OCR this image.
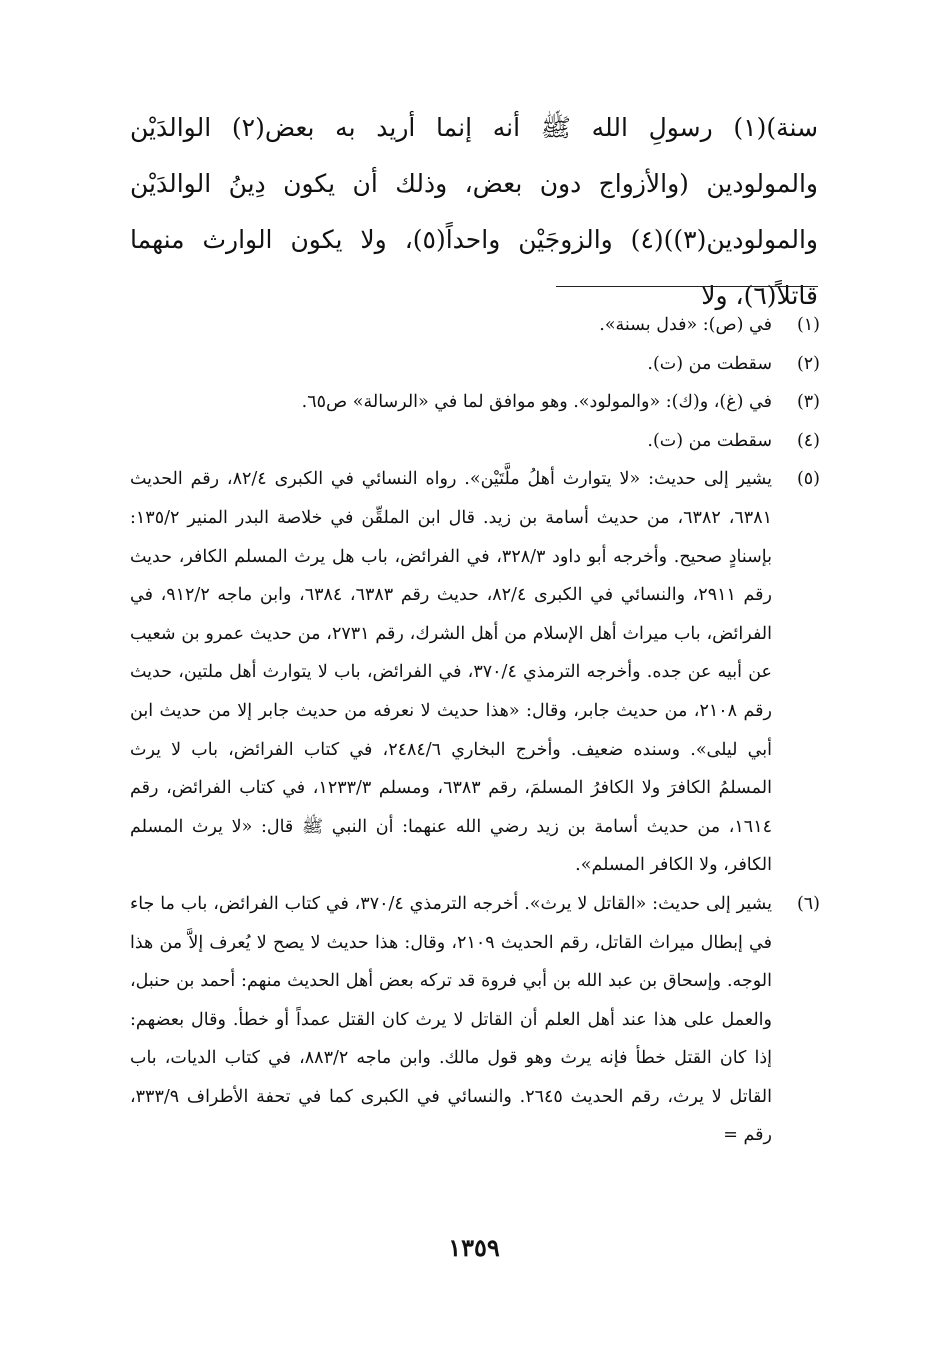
سنة)(١) رسولِ الله ﷺ أنه إنما أريد به بعض(٢) الوالدَيْن والمولودين (والأزواج دون بعض، وذلك أن يكون دِينُ الوالدَيْن والمولودين(٣))(٤) والزوجَيْن واحداً(٥)، ولا يكون الوارث منهما قاتلاً(٦)، ولا

(١)
في (ص): «فدل بسنة».
(٢)
سقطت من (ت).
(٣)
في (غ)، و(ك): «والمولود». وهو موافق لما في «الرسالة» ص٦٥.
(٤)
سقطت من (ت).
(٥)
يشير إلى حديث: «لا يتوارث أهلُ ملَّتَيْن». رواه النسائي في الكبرى ٨٢/٤، رقم الحديث ٦٣٨١، ٦٣٨٢، من حديث أسامة بن زيد. قال ابن الملقِّن في خلاصة البدر المنير ١٣٥/٢: بإسنادٍ صحيح. وأخرجه أبو داود ٣٢٨/٣، في الفرائض، باب هل يرث المسلم الكافر، حديث رقم ٢٩١١، والنسائي في الكبرى ٨٢/٤، حديث رقم ٦٣٨٣، ٦٣٨٤، وابن ماجه ٩١٢/٢، في الفرائض، باب ميراث أهل الإسلام من أهل الشرك، رقم ٢٧٣١، من حديث عمرو بن شعيب عن أبيه عن جده. وأخرجه الترمذي ٣٧٠/٤، في الفرائض، باب لا يتوارث أهل ملتين، حديث رقم ٢١٠٨، من حديث جابر، وقال: «هذا حديث لا نعرفه من حديث جابر إلا من حديث ابن أبي ليلى». وسنده ضعيف. وأخرج البخاري ٢٤٨٤/٦، في كتاب الفرائض، باب لا يرث المسلمُ الكافرَ ولا الكافرُ المسلمَ، رقم ٦٣٨٣، ومسلم ١٢٣٣/٣، في كتاب الفرائض، رقم ١٦١٤، من حديث أسامة بن زيد رضي الله عنهما: أن النبي ﷺ قال: «لا يرث المسلم الكافر، ولا الكافر المسلم».
(٦)
يشير إلى حديث: «القاتل لا يرث». أخرجه الترمذي ٣٧٠/٤، في كتاب الفرائض، باب ما جاء في إبطال ميراث القاتل، رقم الحديث ٢١٠٩، وقال: هذا حديث لا يصح لا يُعرف إلاَّ من هذا الوجه. وإسحاق بن عبد الله بن أبي فروة قد تركه بعض أهل الحديث منهم: أحمد بن حنبل، والعمل على هذا عند أهل العلم أن القاتل لا يرث كان القتل عمداً أو خطأ. وقال بعضهم: إذا كان القتل خطأ فإنه يرث وهو قول مالك. وابن ماجه ٨٨٣/٢، في كتاب الديات، باب القاتل لا يرث، رقم الحديث ٢٦٤٥. والنسائي في الكبرى كما في تحفة الأطراف ٣٣٣/٩، رقم =
١٣٥٩
